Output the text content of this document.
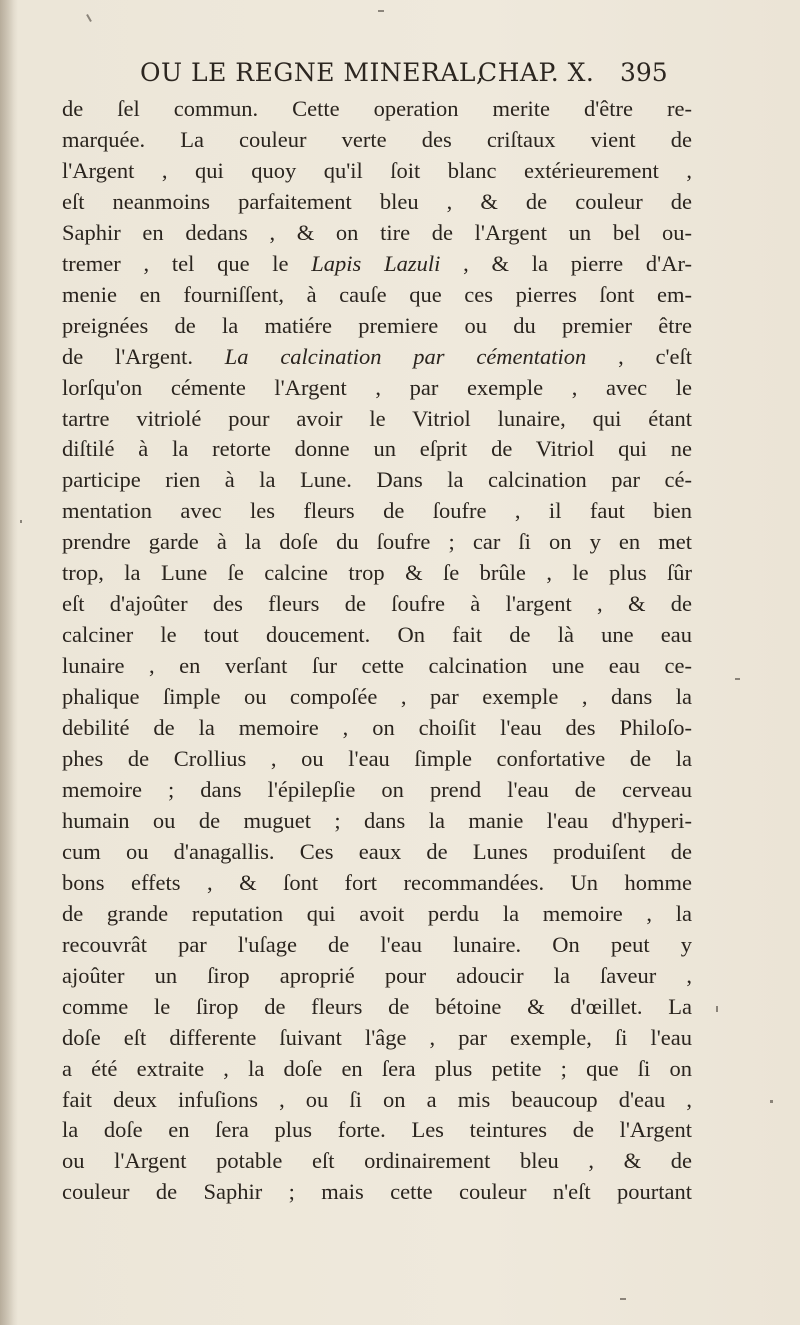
OU LE REGNE MINERAL,
CHAP. X. 395
de ſel commun. Cette operation merite d'être re-
marquée. La couleur verte des criſtaux vient de
l'Argent , qui quoy qu'il ſoit blanc extérieurement ,
eſt neanmoins parfaitement bleu , & de couleur de
Saphir en dedans , & on tire de l'Argent un bel ou-
tremer , tel que le Lapis Lazuli , & la pierre d'Ar-
menie en fourniſſent, à cauſe que ces pierres ſont em-
preignées de la matiére premiere ou du premier être
de l'Argent. La calcination par cémentation , c'eſt
lorſqu'on cémente l'Argent , par exemple , avec le
tartre vitriolé pour avoir le Vitriol lunaire, qui étant
diſtilé à la retorte donne un eſprit de Vitriol qui ne
participe rien à la Lune. Dans la calcination par cé-
mentation avec les fleurs de ſoufre , il faut bien
prendre garde à la doſe du ſoufre ; car ſi on y en met
trop, la Lune ſe calcine trop & ſe brûle , le plus ſûr
eſt d'ajoûter des fleurs de ſoufre à l'argent , & de
calciner le tout doucement. On fait de là une eau
lunaire , en verſant ſur cette calcination une eau ce-
phalique ſimple ou compoſée , par exemple , dans la
debilité de la memoire , on choiſit l'eau des Philoſo-
phes de Crollius , ou l'eau ſimple confortative de la
memoire ; dans l'épilepſie on prend l'eau de cerveau
humain ou de muguet ; dans la manie l'eau d'hyperi-
cum ou d'anagallis. Ces eaux de Lunes produiſent de
bons effets , & ſont fort recommandées. Un homme
de grande reputation qui avoit perdu la memoire , la
recouvrât par l'uſage de l'eau lunaire. On peut y
ajoûter un ſirop aproprié pour adoucir la ſaveur ,
comme le ſirop de fleurs de bétoine & d'œillet. La
doſe eſt differente ſuivant l'âge , par exemple, ſi l'eau
a été extraite , la doſe en ſera plus petite ; que ſi on
fait deux infuſions , ou ſi on a mis beaucoup d'eau ,
la doſe en ſera plus forte. Les teintures de l'Argent
ou l'Argent potable eſt ordinairement bleu , & de
couleur de Saphir ; mais cette couleur n'eſt pourtant
